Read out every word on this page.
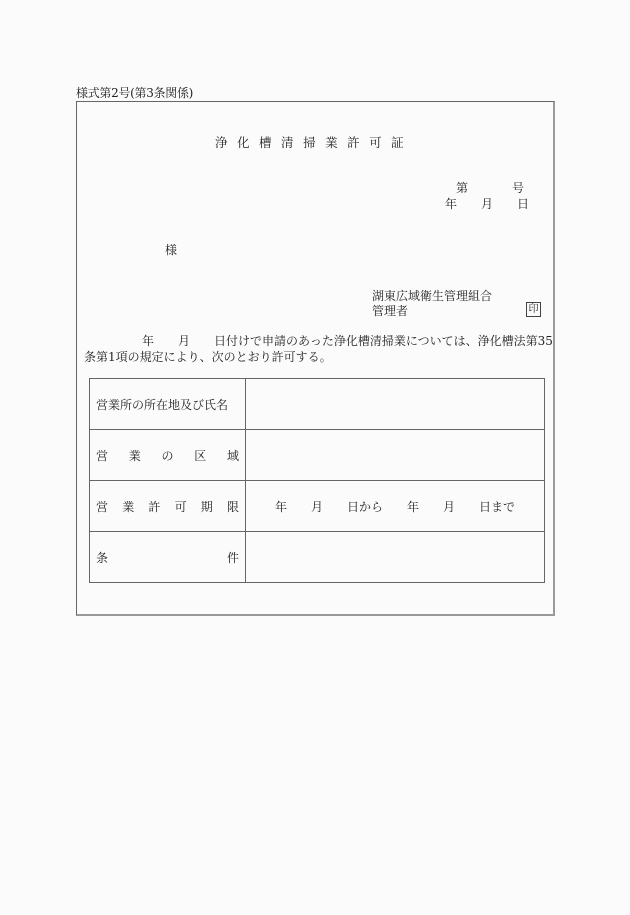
様式第2号(第3条関係)
浄化槽清掃業許可証
第	号
年 月 日
様
湖東広域衛生管理組合
管理者	印
年 月 日付けで申請のあった浄化槽清掃業については、浄化槽法第35
条第1項の規定により、次のとおり許可する。
営業所の所在地及び氏名	

営 業 の 区 域	

営 業 許 可 期 限	年 月 日から 年 月 日まで

条 件	
